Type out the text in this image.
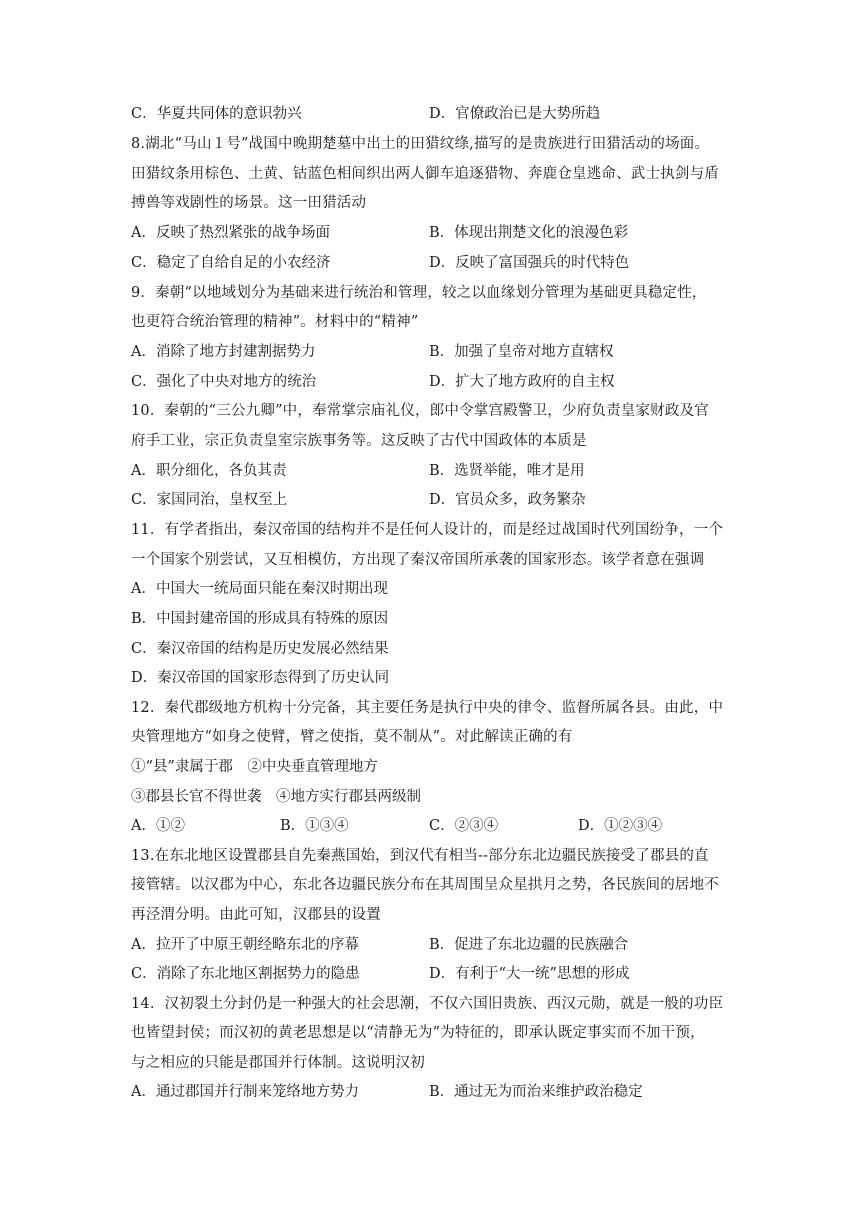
C．华夏共同体的意识勃兴	D．官僚政治已是大势所趋
8.湖北“马山１号”战国中晚期楚墓中出土的田猎纹绦,描写的是贵族进行田猎活动的场面。
田猎纹条用棕色、土黄、钴蓝色相间织出两人御车追逐猎物、奔鹿仓皇逃命、武士执剑与盾
搏兽等戏剧性的场景。这一田猎活动
A．反映了热烈紧张的战争场面	B．体现出荆楚文化的浪漫色彩
C．稳定了自给自足的小农经济	D．反映了富国强兵的时代特色
9．秦朝“以地域划分为基础来进行统治和管理，较之以血缘划分管理为基础更具稳定性，
也更符合统治管理的精神”。材料中的“精神”
A．消除了地方封建割据势力	B．加强了皇帝对地方直辖权
C．强化了中央对地方的统治	D．扩大了地方政府的自主权
10．秦朝的“三公九卿”中，奉常掌宗庙礼仪，郎中令掌宫殿警卫，少府负责皇家财政及官
府手工业，宗正负责皇室宗族事务等。这反映了古代中国政体的本质是
A．职分细化，各负其责	B．选贤举能，唯才是用
C．家国同治，皇权至上	D．官员众多，政务繁杂
11．有学者指出，秦汉帝国的结构并不是任何人设计的，而是经过战国时代列国纷争，一个
一个国家个别尝试，又互相模仿，方出现了秦汉帝国所承袭的国家形态。该学者意在强调
A．中国大一统局面只能在秦汉时期出现
B．中国封建帝国的形成具有特殊的原因
C．秦汉帝国的结构是历史发展必然结果
D．秦汉帝国的国家形态得到了历史认同
12．秦代郡级地方机构十分完备，其主要任务是执行中央的律令、监督所属各县。由此，中
央管理地方“如身之使臂，臂之使指，莫不制从”。对此解读正确的有
①“县”隶属于郡　②中央垂直管理地方
③郡县长官不得世袭　④地方实行郡县两级制
A．①②	B．①③④	C．②③④	D．①②③④
13.在东北地区设置郡县自先秦燕国始，到汉代有相当--部分东北边疆民族接受了郡县的直
接管辖。以汉郡为中心，东北各边疆民族分布在其周围呈众星拱月之势，各民族间的居地不
再泾渭分明。由此可知，汉郡县的设置
A．拉开了中原王朝经略东北的序幕	B．促进了东北边疆的民族融合
C．消除了东北地区割据势力的隐患	D．有利于“大一统”思想的形成
14．汉初裂土分封仍是一种强大的社会思潮，不仅六国旧贵族、西汉元勋，就是一般的功臣
也皆望封侯；而汉初的黄老思想是以“清静无为”为特征的，即承认既定事实而不加干预，
与之相应的只能是郡国并行体制。这说明汉初
A．通过郡国并行制来笼络地方势力	B．通过无为而治来维护政治稳定
